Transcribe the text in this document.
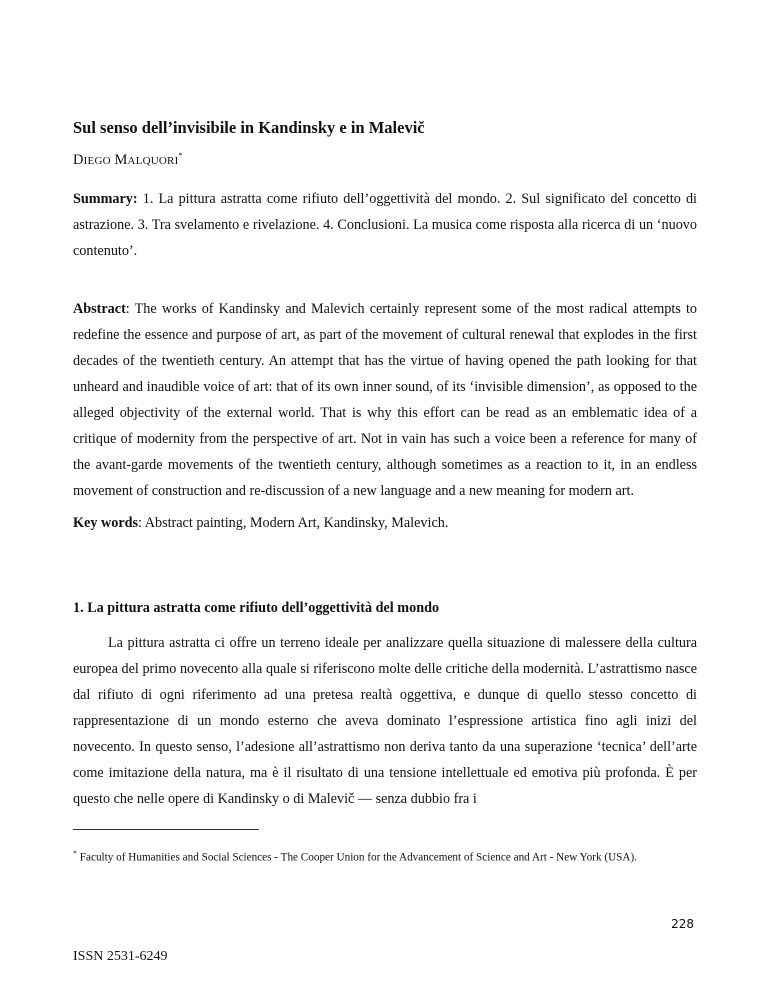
Sul senso dell’invisibile in Kandinsky e in Malevič
DIEGO MALQUORI*

Summary: 1. La pittura astratta come rifiuto dell’oggettività del mondo. 2. Sul significato del concetto di astrazione. 3. Tra svelamento e rivelazione. 4. Conclusioni. La musica come risposta alla ricerca di un ‘nuovo contenuto’.

Abstract: The works of Kandinsky and Malevich certainly represent some of the most radical attempts to redefine the essence and purpose of art, as part of the movement of cultural renewal that explodes in the first decades of the twentieth century. An attempt that has the virtue of having opened the path looking for that unheard and inaudible voice of art: that of its own inner sound, of its ‘invisible dimension’, as opposed to the alleged objectivity of the external world. That is why this effort can be read as an emblematic idea of a critique of modernity from the perspective of art. Not in vain has such a voice been a reference for many of the avant-garde movements of the twentieth century, although sometimes as a reaction to it, in an endless movement of construction and re-discussion of a new language and a new meaning for modern art.

Key words: Abstract painting, Modern Art, Kandinsky, Malevich.

1. La pittura astratta come rifiuto dell’oggettività del mondo

La pittura astratta ci offre un terreno ideale per analizzare quella situazione di malessere della cultura europea del primo novecento alla quale si riferiscono molte delle critiche della modernità. L’astrattismo nasce dal rifiuto di ogni riferimento ad una pretesa realtà oggettiva, e dunque di quello stesso concetto di rappresentazione di un mondo esterno che aveva dominato l’espressione artistica fino agli inizi del novecento. In questo senso, l’adesione all’astrattismo non deriva tanto da una superazione ‘tecnica’ dell’arte come imitazione della natura, ma è il risultato di una tensione intellettuale ed emotiva più profonda. È per questo che nelle opere di Kandinsky o di Malevič — senza dubbio fra i

* Faculty of Humanities and Social Sciences - The Cooper Union for the Advancement of Science and Art - New York (USA).

228
ISSN 2531-6249
